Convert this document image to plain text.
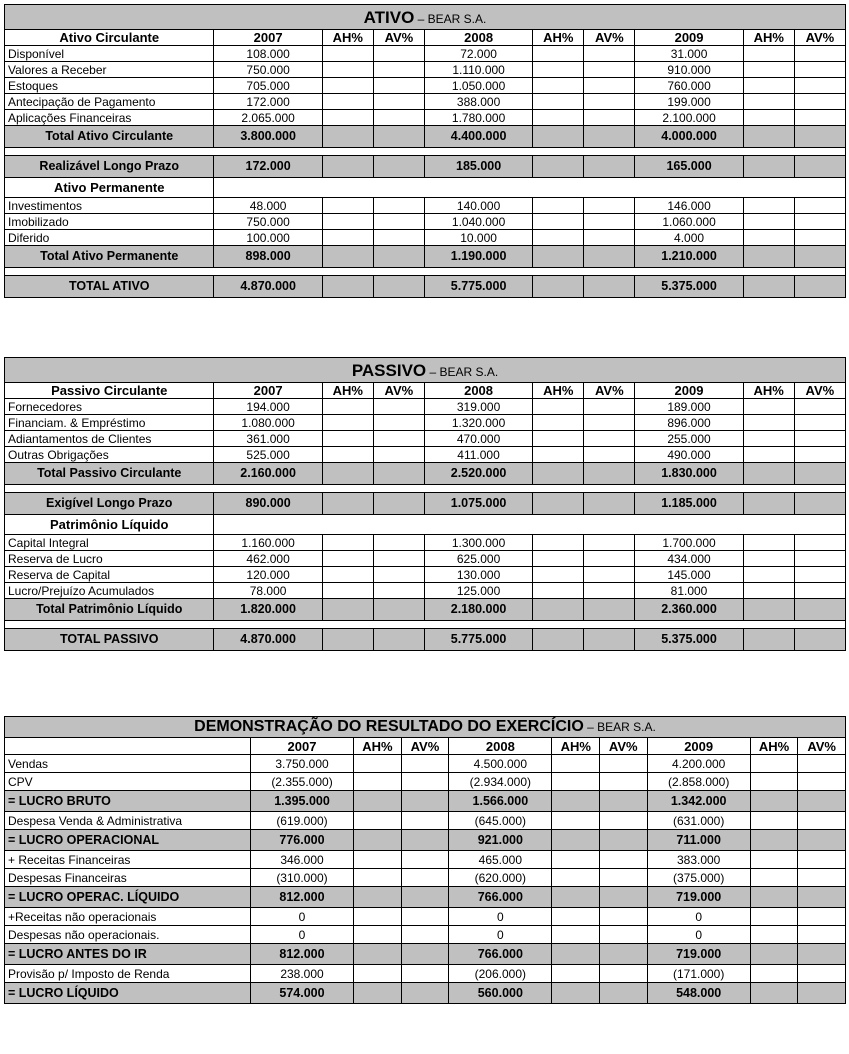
ATIVO – BEAR S.A.									
Ativo Circulante	2007	AH%	AV%	2008	AH%	AV%	2009	AH%	AV%
Disponível	108.000			72.000			31.000		
Valores a Receber	750.000			1.110.000			910.000		
Estoques	705.000			1.050.000			760.000		
Antecipação de Pagamento	172.000			388.000			199.000		
Aplicações Financeiras	2.065.000			1.780.000			2.100.000		
Total Ativo Circulante	3.800.000			4.400.000			4.000.000		

Realizável Longo Prazo	172.000			185.000			165.000		
Ativo Permanente									
Investimentos	48.000			140.000			146.000		
Imobilizado	750.000			1.040.000			1.060.000		
Diferido	100.000			10.000			4.000		
Total Ativo Permanente	898.000			1.190.000			1.210.000		

TOTAL ATIVO	4.870.000			5.775.000			5.375.000		
PASSIVO – BEAR S.A.									
Passivo Circulante	2007	AH%	AV%	2008	AH%	AV%	2009	AH%	AV%
Fornecedores	194.000			319.000			189.000		
Financiam. & Empréstimo	1.080.000			1.320.000			896.000		
Adiantamentos de Clientes	361.000			470.000			255.000		
Outras Obrigações	525.000			411.000			490.000		
Total Passivo Circulante	2.160.000			2.520.000			1.830.000		

Exigível Longo Prazo	890.000			1.075.000			1.185.000		
Patrimônio Líquido									
Capital Integral	1.160.000			1.300.000			1.700.000		
Reserva de Lucro	462.000			625.000			434.000		
Reserva de Capital	120.000			130.000			145.000		
Lucro/Prejuízo Acumulados	78.000			125.000			81.000		
Total Patrimônio Líquido	1.820.000			2.180.000			2.360.000		

TOTAL PASSIVO	4.870.000			5.775.000			5.375.000		
DEMONSTRAÇÃO DO RESULTADO DO EXERCÍCIO – BEAR S.A.									
	2007	AH%	AV%	2008	AH%	AV%	2009	AH%	AV%
Vendas	3.750.000			4.500.000			4.200.000		
CPV	(2.355.000)			(2.934.000)			(2.858.000)		
= LUCRO BRUTO	1.395.000			1.566.000			1.342.000		
Despesa Venda & Administrativa	(619.000)			(645.000)			(631.000)		
= LUCRO OPERACIONAL	776.000			921.000			711.000		
+ Receitas Financeiras	346.000			465.000			383.000		
Despesas Financeiras	(310.000)			(620.000)			(375.000)		
= LUCRO OPERAC. LÍQUIDO	812.000			766.000			719.000		
+Receitas não operacionais	0			0			0		
Despesas não operacionais.	0			0			0		
= LUCRO ANTES DO IR	812.000			766.000			719.000		
Provisão p/ Imposto de Renda	238.000			(206.000)			(171.000)		
= LUCRO LÍQUIDO	574.000			560.000			548.000		
